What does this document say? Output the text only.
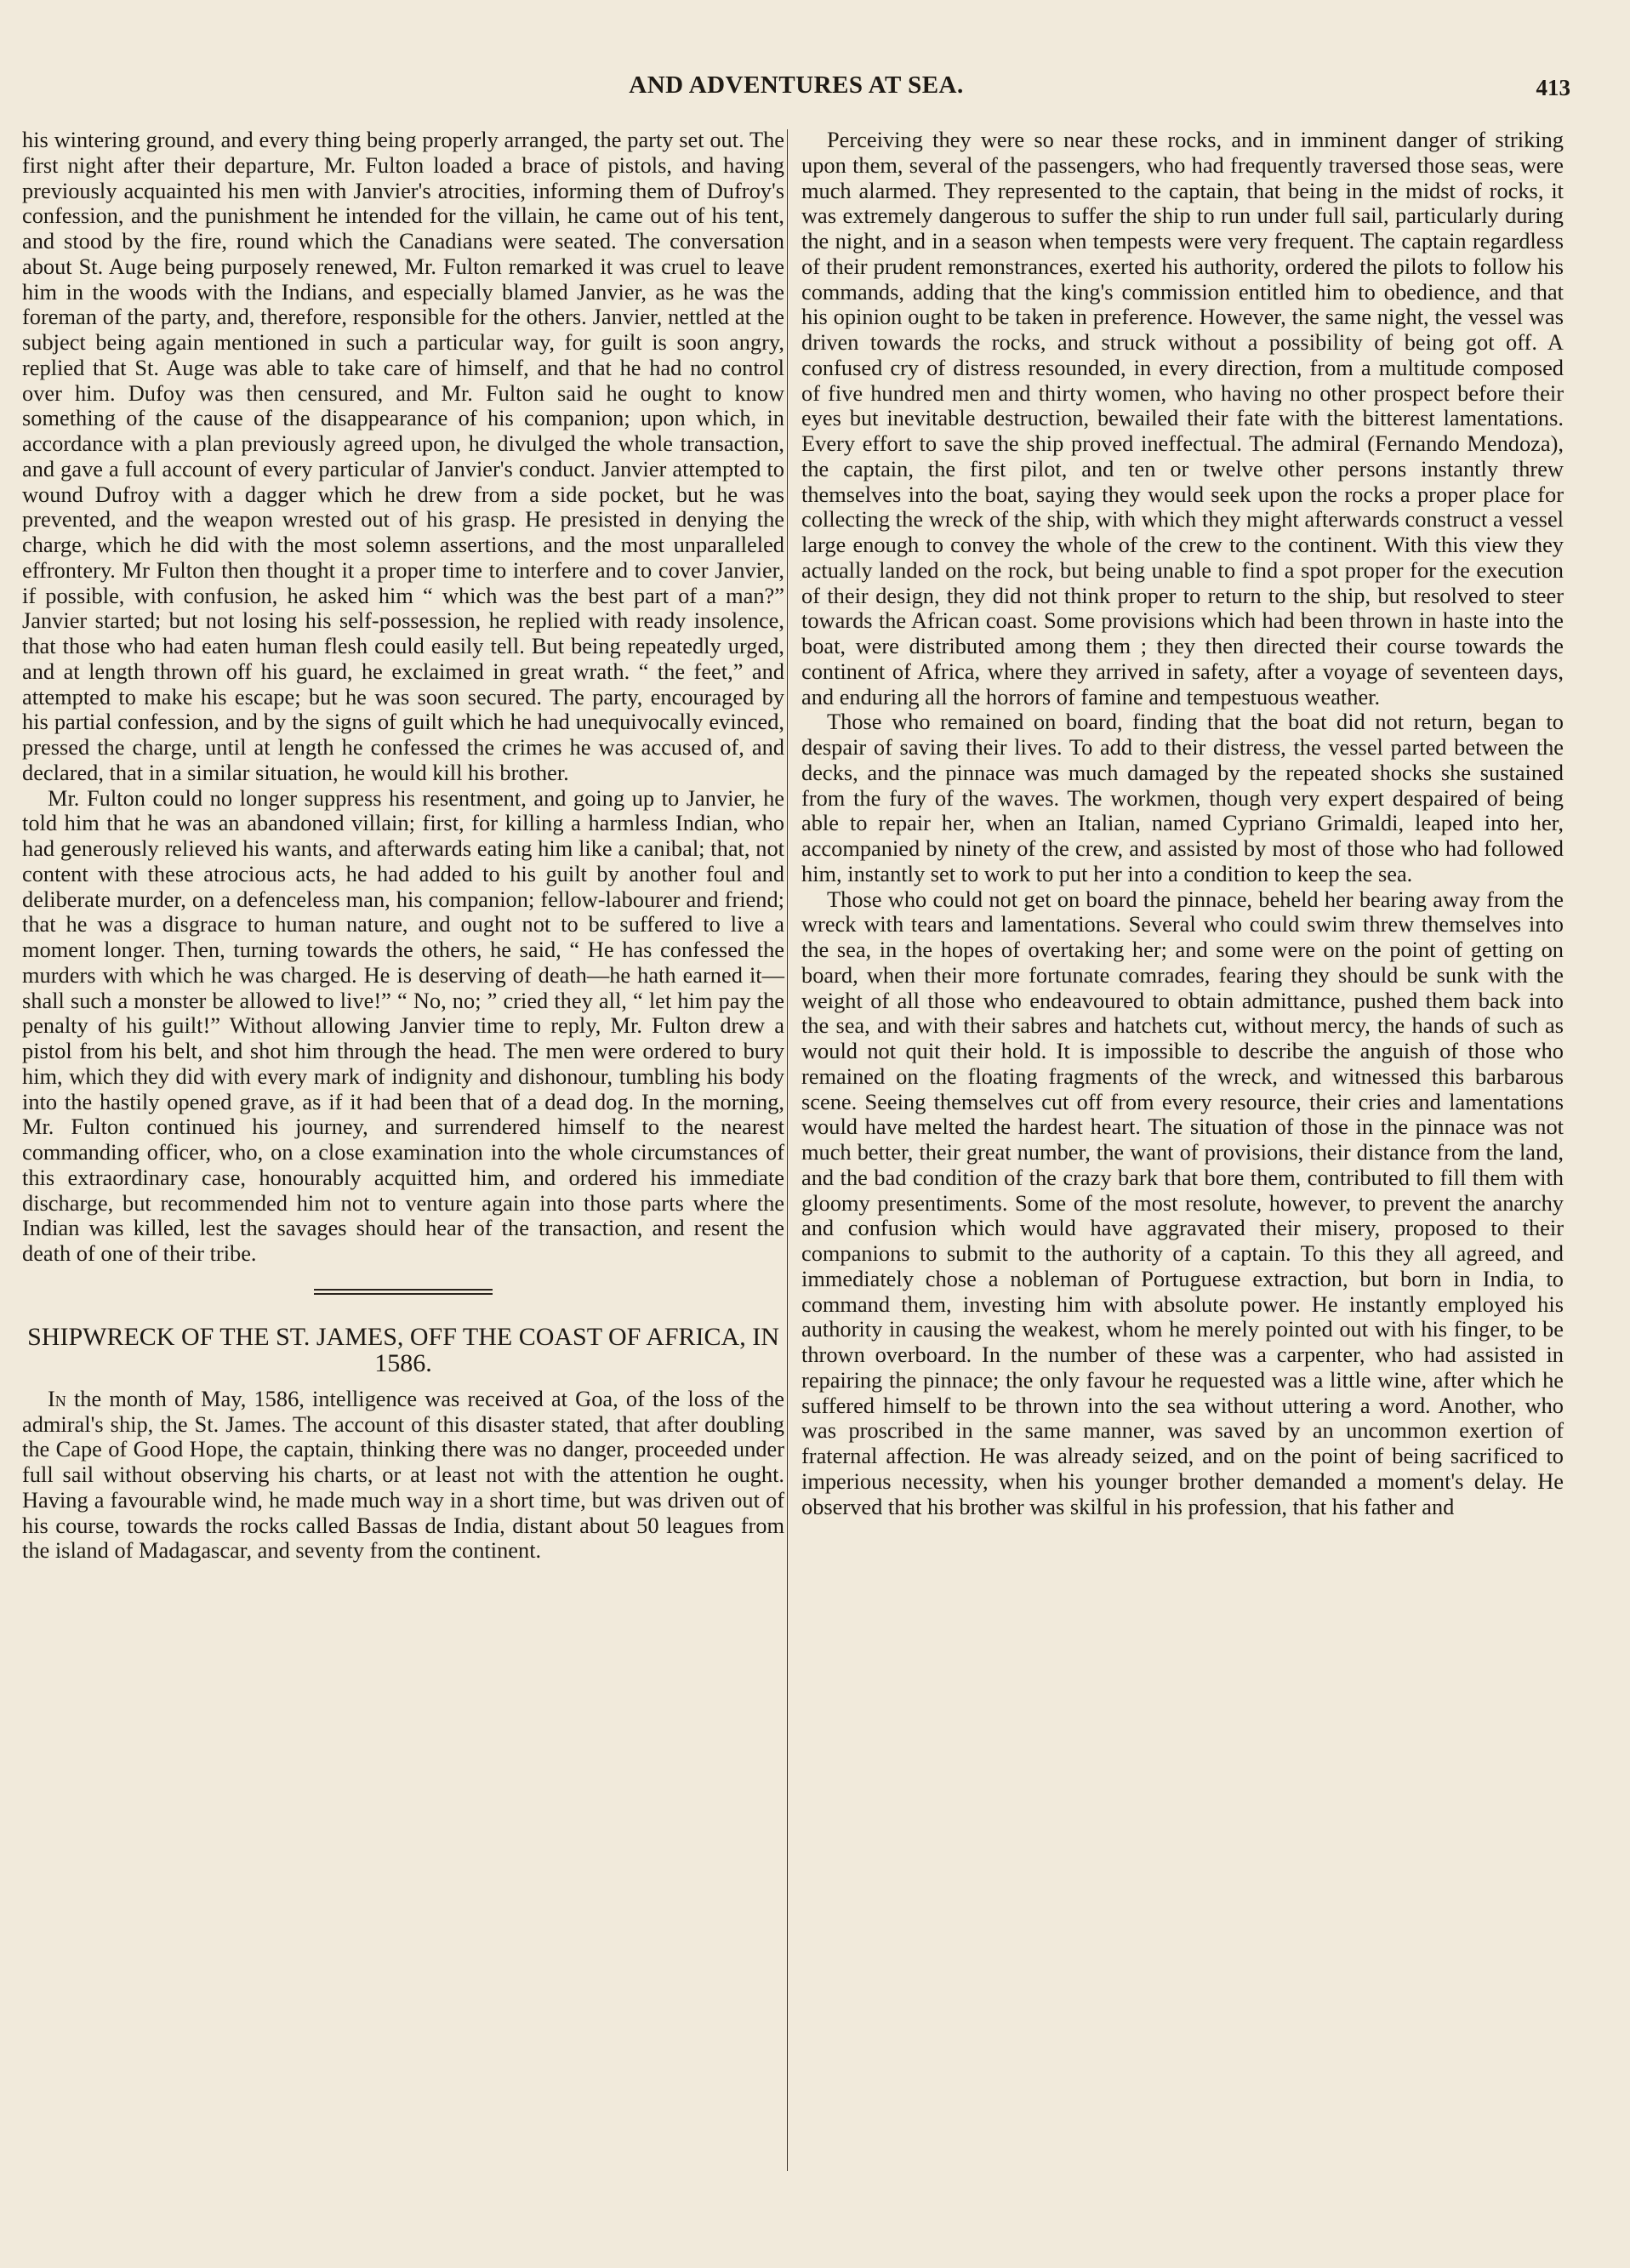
AND ADVENTURES AT SEA.	413

his wintering ground, and every thing being properly arranged, the party set out. The first night after their departure, Mr. Fulton loaded a brace of pistols, and having previously acquainted his men with Janvier's atrocities, informing them of Dufroy's confession, and the punishment he intended for the villain, he came out of his tent, and stood by the fire, round which the Canadians were seated. The conversation about St. Auge being purposely renewed, Mr. Fulton remarked it was cruel to leave him in the woods with the Indians, and especially blamed Janvier, as he was the foreman of the party, and, therefore, responsible for the others. Janvier, nettled at the subject being again mentioned in such a particular way, for guilt is soon angry, replied that St. Auge was able to take care of himself, and that he had no control over him. Dufoy was then censured, and Mr. Fulton said he ought to know something of the cause of the disappearance of his companion; upon which, in accordance with a plan previously agreed upon, he divulged the whole transaction, and gave a full account of every particular of Janvier's conduct. Janvier attempted to wound Dufroy with a dagger which he drew from a side pocket, but he was prevented, and the weapon wrested out of his grasp. He presisted in denying the charge, which he did with the most solemn assertions, and the most unparalleled effrontery. Mr Fulton then thought it a proper time to interfere and to cover Janvier, if possible, with confusion, he asked him “ which was the best part of a man?” Janvier started; but not losing his self-possession, he replied with ready insolence, that those who had eaten human flesh could easily tell. But being repeatedly urged, and at length thrown off his guard, he exclaimed in great wrath. “ the feet,” and attempted to make his escape; but he was soon secured. The party, encouraged by his partial confession, and by the signs of guilt which he had unequivocally evinced, pressed the charge, until at length he confessed the crimes he was accused of, and declared, that in a similar situation, he would kill his brother.

Mr. Fulton could no longer suppress his resentment, and going up to Janvier, he told him that he was an abandoned villain; first, for killing a harmless Indian, who had generously relieved his wants, and afterwards eating him like a canibal; that, not content with these atrocious acts, he had added to his guilt by another foul and deliberate murder, on a defenceless man, his companion; fellow-labourer and friend; that he was a disgrace to human nature, and ought not to be suffered to live a moment longer. Then, turning towards the others, he said, “ He has confessed the murders with which he was charged. He is deserving of death—he hath earned it—shall such a monster be allowed to live!” “ No, no; ” cried they all, “ let him pay the penalty of his guilt!” Without allowing Janvier time to reply, Mr. Fulton drew a pistol from his belt, and shot him through the head. The men were ordered to bury him, which they did with every mark of indignity and dishonour, tumbling his body into the hastily opened grave, as if it had been that of a dead dog. In the morning, Mr. Fulton continued his journey, and surrendered himself to the nearest commanding officer, who, on a close examination into the whole circumstances of this extraordinary case, honourably acquitted him, and ordered his immediate discharge, but recommended him not to venture again into those parts where the Indian was killed, lest the savages should hear of the transaction, and resent the death of one of their tribe.

SHIPWRECK OF THE ST. JAMES, OFF THE COAST OF AFRICA, IN 1586.

In the month of May, 1586, intelligence was received at Goa, of the loss of the admiral's ship, the St. James. The account of this disaster stated, that after doubling the Cape of Good Hope, the captain, thinking there was no danger, proceeded under full sail without observing his charts, or at least not with the attention he ought. Having a favourable wind, he made much way in a short time, but was driven out of his course, towards the rocks called Bassas de India, distant about 50 leagues from the island of Madagascar, and seventy from the continent.

Perceiving they were so near these rocks, and in imminent danger of striking upon them, several of the passengers, who had frequently traversed those seas, were much alarmed. They represented to the captain, that being in the midst of rocks, it was extremely dangerous to suffer the ship to run under full sail, particularly during the night, and in a season when tempests were very frequent. The captain regardless of their prudent remonstrances, exerted his authority, ordered the pilots to follow his commands, adding that the king's commission entitled him to obedience, and that his opinion ought to be taken in preference. However, the same night, the vessel was driven towards the rocks, and struck without a possibility of being got off. A confused cry of distress resounded, in every direction, from a multitude composed of five hundred men and thirty women, who having no other prospect before their eyes but inevitable destruction, bewailed their fate with the bitterest lamentations. Every effort to save the ship proved ineffectual. The admiral (Fernando Mendoza), the captain, the first pilot, and ten or twelve other persons instantly threw themselves into the boat, saying they would seek upon the rocks a proper place for collecting the wreck of the ship, with which they might afterwards construct a vessel large enough to convey the whole of the crew to the continent. With this view they actually landed on the rock, but being unable to find a spot proper for the execution of their design, they did not think proper to return to the ship, but resolved to steer towards the African coast. Some provisions which had been thrown in haste into the boat, were distributed among them ; they then directed their course towards the continent of Africa, where they arrived in safety, after a voyage of seventeen days, and enduring all the horrors of famine and tempestuous weather.

Those who remained on board, finding that the boat did not return, began to despair of saving their lives. To add to their distress, the vessel parted between the decks, and the pinnace was much damaged by the repeated shocks she sustained from the fury of the waves. The workmen, though very expert despaired of being able to repair her, when an Italian, named Cypriano Grimaldi, leaped into her, accompanied by ninety of the crew, and assisted by most of those who had followed him, instantly set to work to put her into a condition to keep the sea.

Those who could not get on board the pinnace, beheld her bearing away from the wreck with tears and lamentations. Several who could swim threw themselves into the sea, in the hopes of overtaking her; and some were on the point of getting on board, when their more fortunate comrades, fearing they should be sunk with the weight of all those who endeavoured to obtain admittance, pushed them back into the sea, and with their sabres and hatchets cut, without mercy, the hands of such as would not quit their hold. It is impossible to describe the anguish of those who remained on the floating fragments of the wreck, and witnessed this barbarous scene. Seeing themselves cut off from every resource, their cries and lamentations would have melted the hardest heart. The situation of those in the pinnace was not much better, their great number, the want of provisions, their distance from the land, and the bad condition of the crazy bark that bore them, contributed to fill them with gloomy presentiments. Some of the most resolute, however, to prevent the anarchy and confusion which would have aggravated their misery, proposed to their companions to submit to the authority of a captain. To this they all agreed, and immediately chose a nobleman of Portuguese extraction, but born in India, to command them, investing him with absolute power. He instantly employed his authority in causing the weakest, whom he merely pointed out with his finger, to be thrown overboard. In the number of these was a carpenter, who had assisted in repairing the pinnace; the only favour he requested was a little wine, after which he suffered himself to be thrown into the sea without uttering a word. Another, who was proscribed in the same manner, was saved by an uncommon exertion of fraternal affection. He was already seized, and on the point of being sacrificed to imperious necessity, when his younger brother demanded a moment's delay. He observed that his brother was skilful in his profession, that his father and
